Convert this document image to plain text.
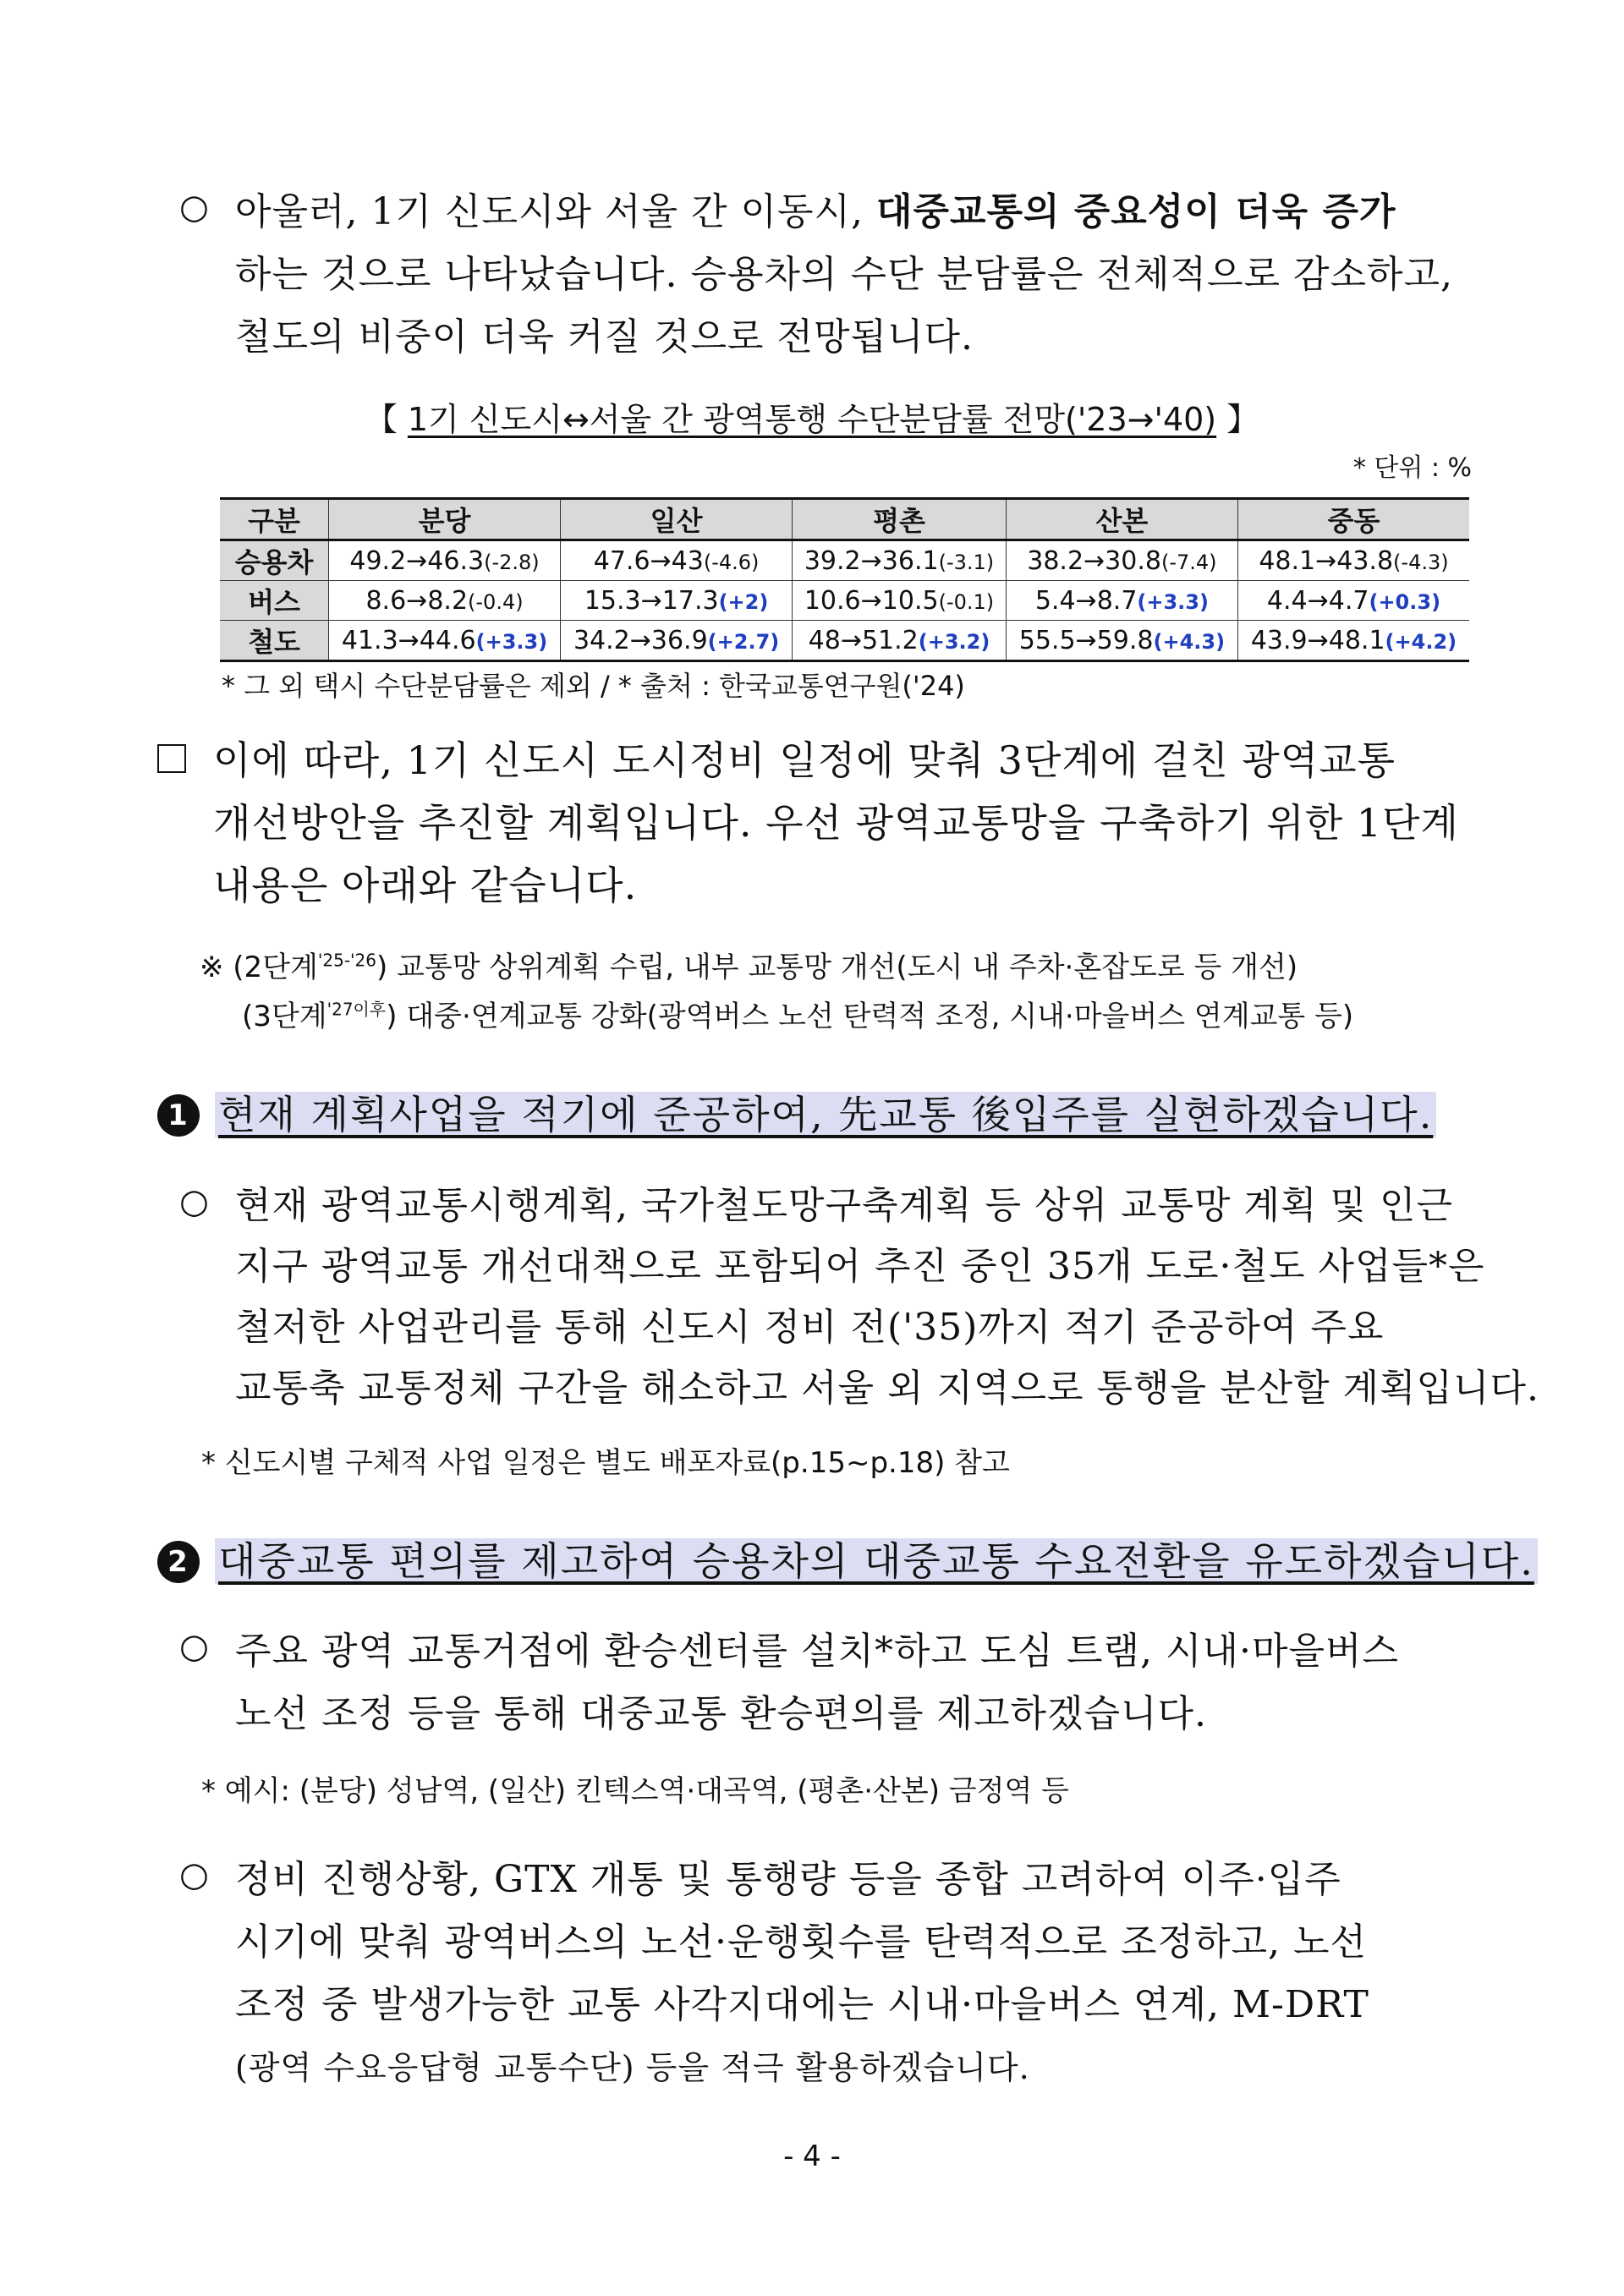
○ 아울러, 1기 신도시와 서울 간 이동시, 대중교통의 중요성이 더욱 증가
하는 것으로 나타났습니다. 승용차의 수단 분담률은 전체적으로 감소하고,
철도의 비중이 더욱 커질 것으로 전망됩니다.
【 1기 신도시↔서울 간 광역통행 수단분담률 전망('23→'40) 】
* 단위 : %
구분	분당	일산	평촌	산본	중동
승용차	49.2→46.3(-2.8)	47.6→43(-4.6)	39.2→36.1(-3.1)	38.2→30.8(-7.4)	48.1→43.8(-4.3)
버스	8.6→8.2(-0.4)	15.3→17.3(+2)	10.6→10.5(-0.1)	5.4→8.7(+3.3)	4.4→4.7(+0.3)
철도	41.3→44.6(+3.3)	34.2→36.9(+2.7)	48→51.2(+3.2)	55.5→59.8(+4.3)	43.9→48.1(+4.2)
* 그 외 택시 수단분담률은 제외 / * 출처 : 한국교통연구원('24)
이에 따라, 1기 신도시 도시정비 일정에 맞춰 3단계에 걸친 광역교통
개선방안을 추진할 계획입니다. 우선 광역교통망을 구축하기 위한 1단계
내용은 아래와 같습니다.
※ (2단계$^{'25-'26}$) 교통망 상위계획 수립, 내부 교통망 개선(도시 내 주차·혼잡도로 등 개선)
(3단계$^{'27이후}$) 대중·연계교통 강화(광역버스 노선 탄력적 조정, 시내·마을버스 연계교통 등)
1 현재 계획사업을 적기에 준공하여, 先교통 後입주를 실현하겠습니다.
○ 현재 광역교통시행계획, 국가철도망구축계획 등 상위 교통망 계획 및 인근
지구 광역교통 개선대책으로 포함되어 추진 중인 35개 도로·철도 사업들*은
철저한 사업관리를 통해 신도시 정비 전('35)까지 적기 준공하여 주요
교통축 교통정체 구간을 해소하고 서울 외 지역으로 통행을 분산할 계획입니다.
* 신도시별 구체적 사업 일정은 별도 배포자료(p.15~p.18) 참고
2 대중교통 편의를 제고하여 승용차의 대중교통 수요전환을 유도하겠습니다.
○ 주요 광역 교통거점에 환승센터를 설치*하고 도심 트램, 시내·마을버스
노선 조정 등을 통해 대중교통 환승편의를 제고하겠습니다.
* 예시: (분당) 성남역, (일산) 킨텍스역·대곡역, (평촌·산본) 금정역 등
○ 정비 진행상황, GTX 개통 및 통행량 등을 종합 고려하여 이주·입주
시기에 맞춰 광역버스의 노선·운행횟수를 탄력적으로 조정하고, 노선
조정 중 발생가능한 교통 사각지대에는 시내·마을버스 연계, M-DRT
(광역 수요응답형 교통수단) 등을 적극 활용하겠습니다.
- 4 -
